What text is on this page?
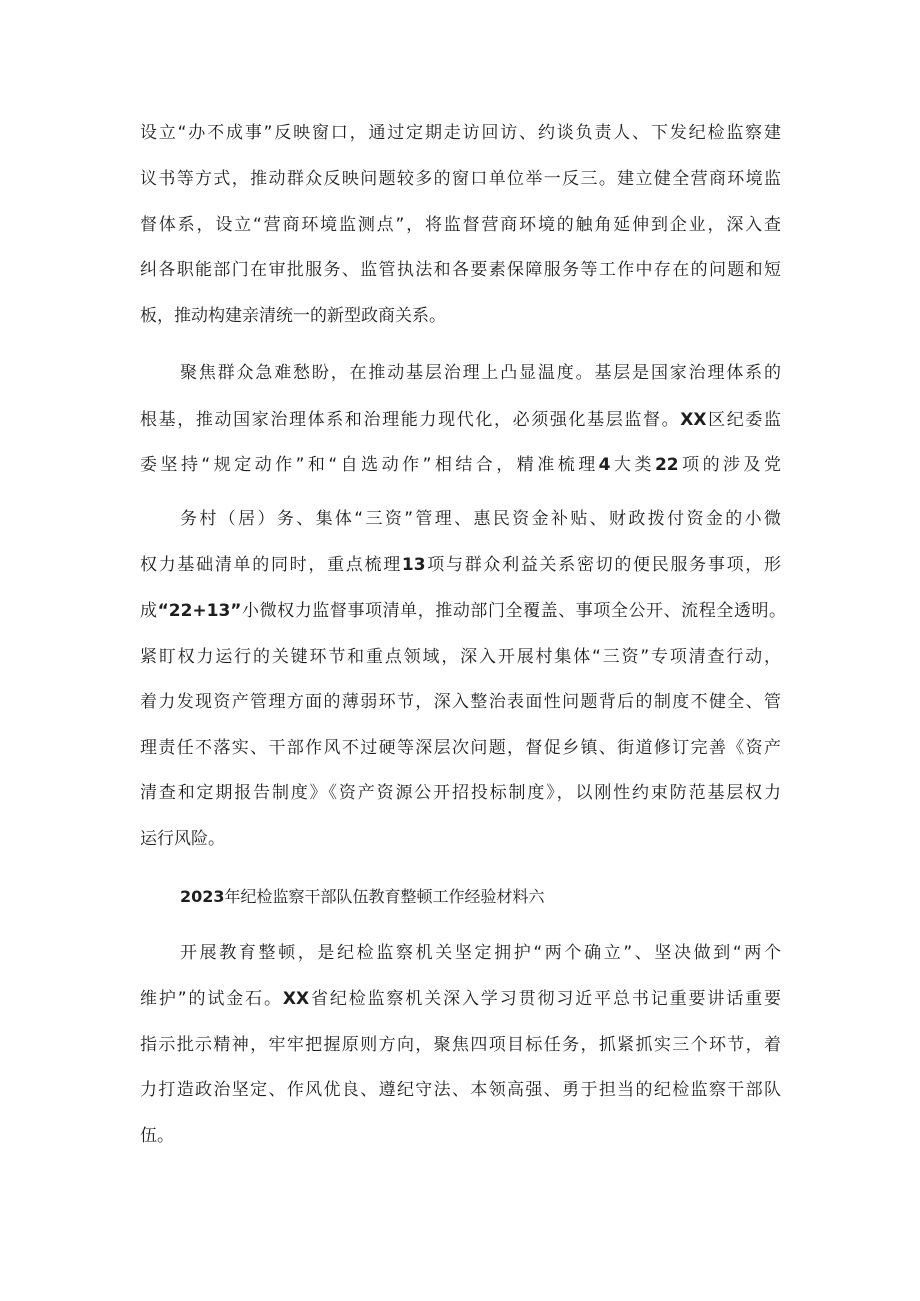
设立“办不成事”反映窗口，通过定期走访回访、约谈负责人、下发纪检监察建
议书等方式，推动群众反映问题较多的窗口单位举一反三。建立健全营商环境监
督体系，设立“营商环境监测点”，将监督营商环境的触角延伸到企业，深入查
纠各职能部门在审批服务、监管执法和各要素保障服务等工作中存在的问题和短
板，推动构建亲清统一的新型政商关系。
聚焦群众急难愁盼，在推动基层治理上凸显温度。基层是国家治理体系的
根基，推动国家治理体系和治理能力现代化，必须强化基层监督。XX区纪委监
委坚持“规定动作”和“自选动作”相结合，精准梳理4大类22项的涉及党
务村（居）务、集体“三资”管理、惠民资金补贴、财政拨付资金的小微
权力基础清单的同时，重点梳理13项与群众利益关系密切的便民服务事项，形
成“22+13”小微权力监督事项清单，推动部门全覆盖、事项全公开、流程全透明。
紧盯权力运行的关键环节和重点领域，深入开展村集体“三资”专项清查行动，
着力发现资产管理方面的薄弱环节，深入整治表面性问题背后的制度不健全、管
理责任不落实、干部作风不过硬等深层次问题，督促乡镇、街道修订完善《资产
清查和定期报告制度》《资产资源公开招投标制度》，以刚性约束防范基层权力
运行风险。
2023年纪检监察干部队伍教育整顿工作经验材料六
开展教育整顿，是纪检监察机关坚定拥护“两个确立”、坚决做到“两个
维护”的试金石。XX省纪检监察机关深入学习贯彻习近平总书记重要讲话重要
指示批示精神，牢牢把握原则方向，聚焦四项目标任务，抓紧抓实三个环节，着
力打造政治坚定、作风优良、遵纪守法、本领高强、勇于担当的纪检监察干部队
伍。
